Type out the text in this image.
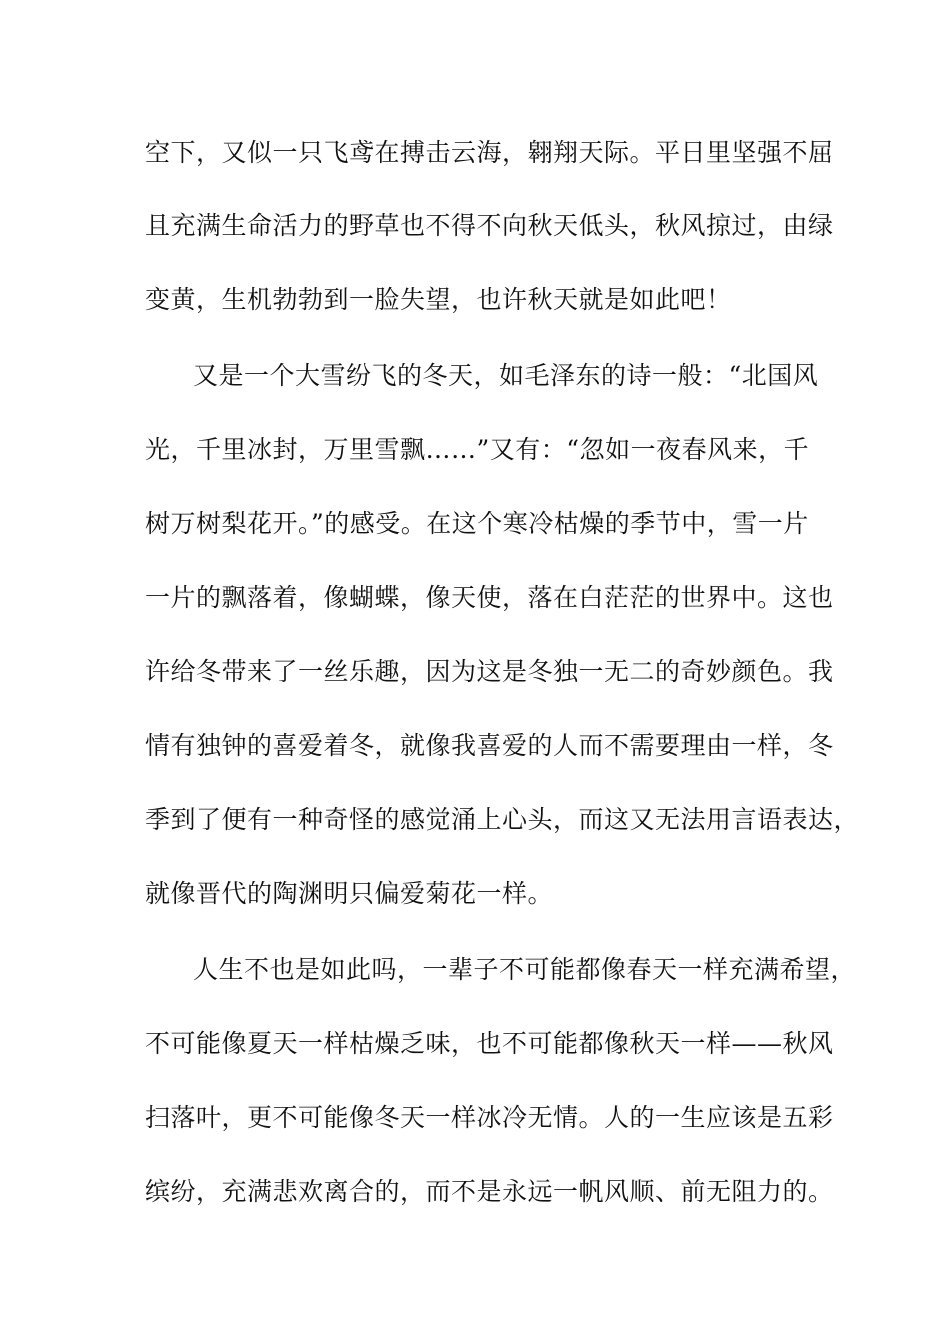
空下，又似一只飞鸢在搏击云海，翱翔天际。平日里坚强不屈
且充满生命活力的野草也不得不向秋天低头，秋风掠过，由绿
变黄，生机勃勃到一脸失望，也许秋天就是如此吧！
又是一个大雪纷飞的冬天，如毛泽东的诗一般：“北国风
光，千里冰封，万里雪飘……”又有：“忽如一夜春风来，千
树万树梨花开。”的感受。在这个寒冷枯燥的季节中，雪一片
一片的飘落着，像蝴蝶，像天使，落在白茫茫的世界中。这也
许给冬带来了一丝乐趣，因为这是冬独一无二的奇妙颜色。我
情有独钟的喜爱着冬，就像我喜爱的人而不需要理由一样，冬
季到了便有一种奇怪的感觉涌上心头，而这又无法用言语表达，
就像晋代的陶渊明只偏爱菊花一样。
人生不也是如此吗，一辈子不可能都像春天一样充满希望，
不可能像夏天一样枯燥乏味，也不可能都像秋天一样——秋风
扫落叶，更不可能像冬天一样冰冷无情。人的一生应该是五彩
缤纷，充满悲欢离合的，而不是永远一帆风顺、前无阻力的。
